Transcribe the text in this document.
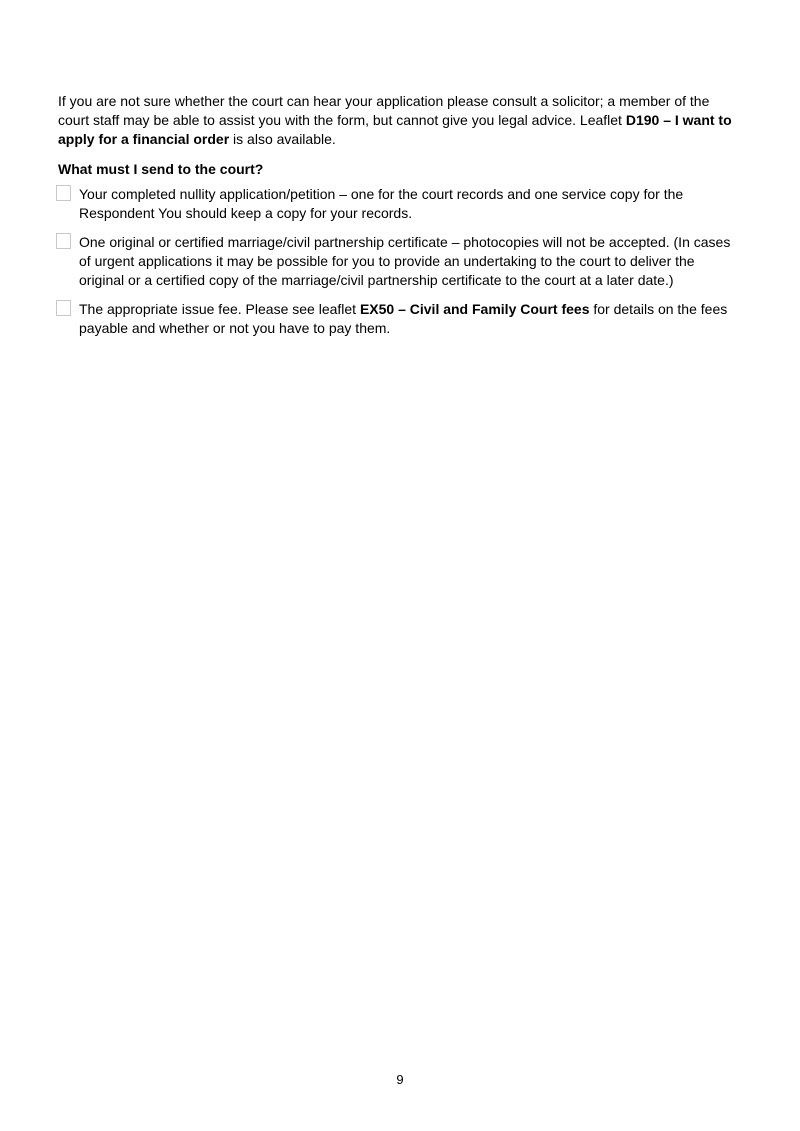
If you are not sure whether the court can hear your application please consult a solicitor; a member of the court staff may be able to assist you with the form, but cannot give you legal advice. Leaflet D190 – I want to apply for a financial order is also available.

What must I send to the court?

Your completed nullity application/petition – one for the court records and one service copy for the Respondent You should keep a copy for your records.

One original or certified marriage/civil partnership certificate – photocopies will not be accepted. (In cases of urgent applications it may be possible for you to provide an undertaking to the court to deliver the original or a certified copy of the marriage/civil partnership certificate to the court at a later date.)

The appropriate issue fee. Please see leaflet EX50 – Civil and Family Court fees for details on the fees payable and whether or not you have to pay them.

9
